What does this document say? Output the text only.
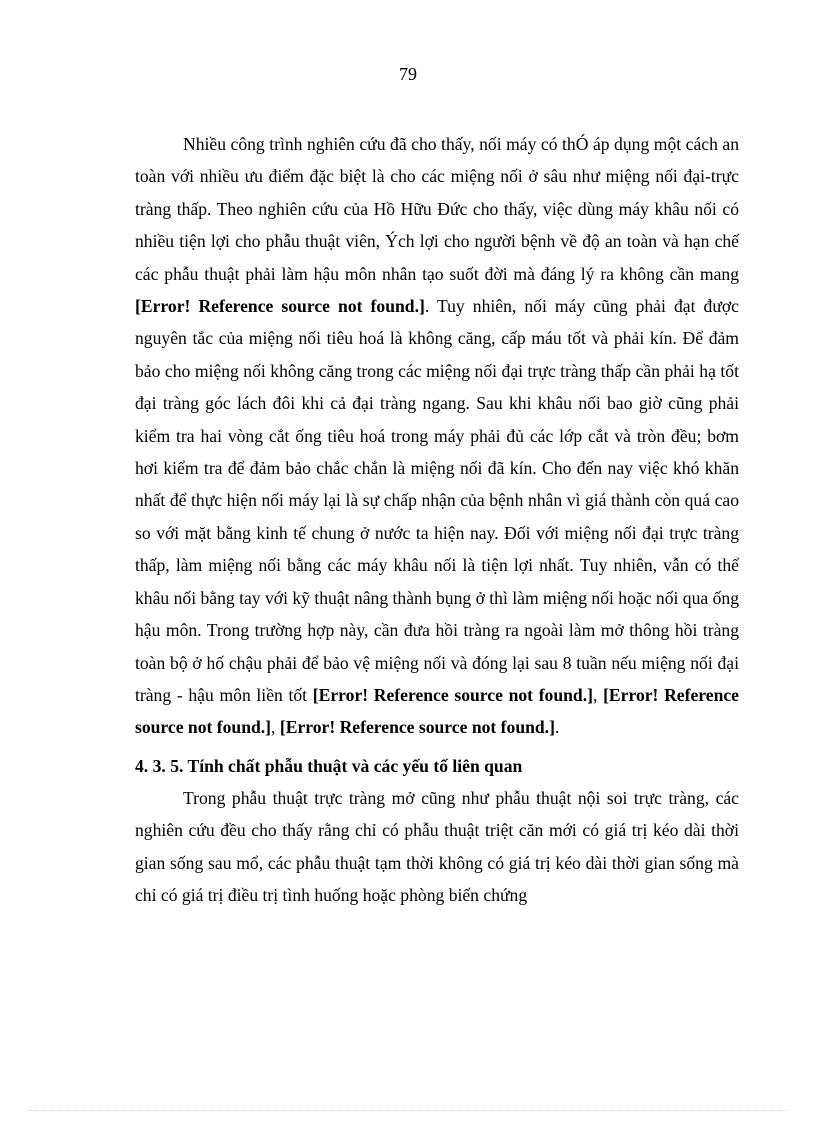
79

Nhiều công trình nghiên cứu đã cho thấy, nối máy có thÓ áp dụng một cách an toàn với nhiều ưu điểm đặc biệt là cho các miệng nối ở sâu như miệng nối đại-trực tràng thấp. Theo nghiên cứu của Hồ Hữu Đức cho thấy, việc dùng máy khâu nối có nhiều tiện lợi cho phẫu thuật viên, Ých lợi cho người bệnh về độ an toàn và hạn chế các phẫu thuật phải làm hậu môn nhân tạo suốt đời mà đáng lý ra không cần mang [Error! Reference source not found.]. Tuy nhiên, nối máy cũng phải đạt được nguyên tắc của miệng nối tiêu hoá là không căng, cấp máu tốt và phải kín. Để đảm bảo cho miệng nối không căng trong các miệng nối đại trực tràng thấp cần phải hạ tốt đại tràng góc lách đôi khi cả đại tràng ngang. Sau khi khâu nối bao giờ cũng phải kiểm tra hai vòng cắt ống tiêu hoá trong máy phải đủ các lớp cắt và tròn đều; bơm hơi kiểm tra để đảm bảo chắc chắn là miệng nối đã kín. Cho đến nay việc khó khăn nhất để thực hiện nối máy lại là sự chấp nhận của bệnh nhân vì giá thành còn quá cao so với mặt bằng kinh tế chung ở nước ta hiện nay. Đối với miệng nối đại trực tràng thấp, làm miệng nối bằng các máy khâu nối là tiện lợi nhất. Tuy nhiên, vẫn có thể khâu nối bằng tay với kỹ thuật nâng thành bụng ở thì làm miệng nối hoặc nối qua ống hậu môn. Trong trường hợp này, cần đưa hồi tràng ra ngoài làm mở thông hồi tràng toàn bộ ở hố chậu phải để bảo vệ miệng nối và đóng lại sau 8 tuần nếu miệng nối đại tràng - hậu môn liền tốt [Error! Reference source not found.], [Error! Reference source not found.], [Error! Reference source not found.].

4. 3. 5. Tính chất phẫu thuật và các yếu tố liên quan

Trong phẫu thuật trực tràng mở cũng như phẫu thuật nội soi trực tràng, các nghiên cứu đều cho thấy rằng chỉ có phẫu thuật triệt căn mới có giá trị kéo dài thời gian sống sau mổ, các phẫu thuật tạm thời không có giá trị kéo dài thời gian sống mà chỉ có giá trị điều trị tình huống hoặc phòng biến chứng
